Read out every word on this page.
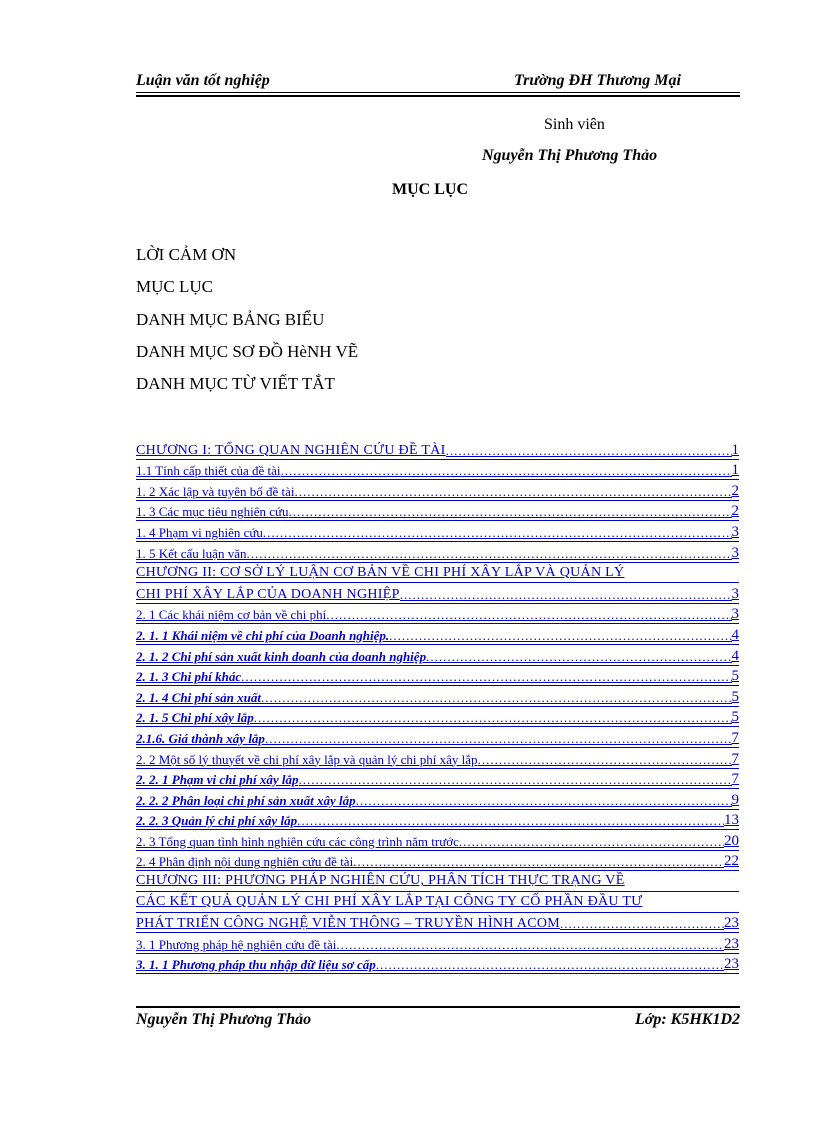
Luận văn tốt nghiệp	Trường ĐH Thương Mại
Sinh viên
Nguyễn Thị Phương Thảo
MỤC LỤC
LỜI CẢM ƠN
MỤC LỤC
DANH MỤC BẢNG BIỂU
DANH MỤC SƠ ĐỒ HèNH VẼ
DANH MỤC TỪ VIẾT TẮT
CHƯƠNG I: TỔNG QUAN NGHIÊN CỨU ĐỀ TÀI .....	1
1.1 Tính cấp thiết của đề tài .....	1
1. 2 Xác lập và tuyên bố đề tài .....	2
1. 3 Các mục tiêu nghiên cứu .....	2
1. 4 Phạm vi nghiên cứu .....	3
1. 5 Kết cấu luận văn .....	3
CHƯƠNG II: CƠ SỞ LÝ LUẬN CƠ BẢN VỀ CHI PHÍ XÂY LẮP VÀ QUẢN LÝ
CHI PHÍ XÂY LẮP CỦA DOANH NGHIỆP .....	3
2. 1 Các khái niệm cơ bản về chi phí .....	3
2. 1. 1 Khái niệm về chi phí của Doanh nghiệp. .....	4
2. 1. 2 Chi phí sản xuất kinh doanh của doanh nghiệp .....	4
2. 1. 3 Chi phí khác .....	5
2. 1. 4 Chi phí sản xuất .....	5
2. 1. 5 Chi phí xây lắp .....	5
2.1.6. Giá thành xây lắp .....	7
2. 2 Một số lý thuyết về chi phí xây lắp và quản lý chi phí xây lắp .....	7
2. 2. 1 Phạm vi chi phí xây lắp .....	7
2. 2. 2 Phân loại chi phí sản xuất xây lắp .....	9
2. 2. 3 Quản lý chi phí xây lắp .....	13
2. 3 Tổng quan tình hình nghiên cứu các công trình năm trước .....	20
2. 4 Phân định nội dung nghiên cứu đề tài .....	22
CHƯƠNG III: PHƯƠNG PHÁP NGHIÊN CỨU, PHÂN TÍCH THỰC TRẠNG VỀ
CÁC KẾT QUẢ QUẢN LÝ CHI PHÍ XÂY LẮP TẠI CÔNG TY CỔ PHẦN ĐẦU TƯ
PHÁT TRIỂN CÔNG NGHỆ VIỄN THÔNG – TRUYỀN HÌNH ACOM .....	23
3. 1 Phương pháp hệ nghiên cứu đề tài .....	23
3. 1. 1 Phương pháp thu nhập dữ liệu sơ cấp .....	23
Nguyễn Thị Phương Thảo	Lớp: K5HK1D2
